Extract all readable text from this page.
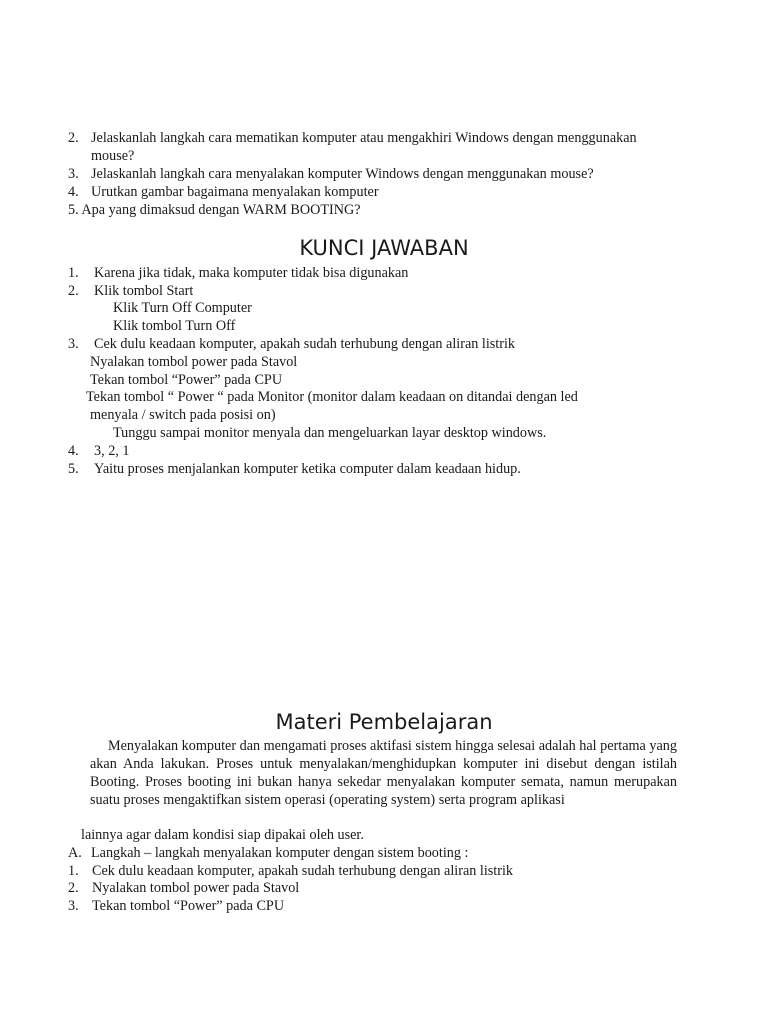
2. Jelaskanlah langkah cara mematikan komputer atau mengakhiri Windows dengan menggunakan
mouse?
3. Jelaskanlah langkah cara menyalakan komputer Windows dengan menggunakan mouse?
4. Urutkan gambar bagaimana menyalakan komputer
5. Apa yang dimaksud dengan WARM BOOTING?
KUNCI JAWABAN
1. Karena jika tidak, maka komputer tidak bisa digunakan
2. Klik tombol Start
Klik Turn Off Computer
Klik tombol Turn Off
3. Cek dulu keadaan komputer, apakah sudah terhubung dengan aliran listrik
Nyalakan tombol power pada Stavol
Tekan tombol “Power” pada CPU
Tekan tombol “ Power “ pada Monitor (monitor dalam keadaan on ditandai dengan led
menyala / switch pada posisi on)
Tunggu sampai monitor menyala dan mengeluarkan layar desktop windows.
4. 3, 2, 1
5. Yaitu proses menjalankan komputer ketika computer dalam keadaan hidup.
Materi Pembelajaran
Menyalakan komputer dan mengamati proses aktifasi sistem hingga selesai adalah hal pertama yang akan Anda lakukan. Proses untuk menyalakan/menghidupkan komputer ini disebut dengan istilah Booting. Proses booting ini bukan hanya sekedar menyalakan komputer semata, namun merupakan suatu proses mengaktifkan sistem operasi (operating system) serta program aplikasi
lainnya agar dalam kondisi siap dipakai oleh user.
A. Langkah – langkah menyalakan komputer dengan sistem booting :
1. Cek dulu keadaan komputer, apakah sudah terhubung dengan aliran listrik
2. Nyalakan tombol power pada Stavol
3. Tekan tombol “Power” pada CPU
